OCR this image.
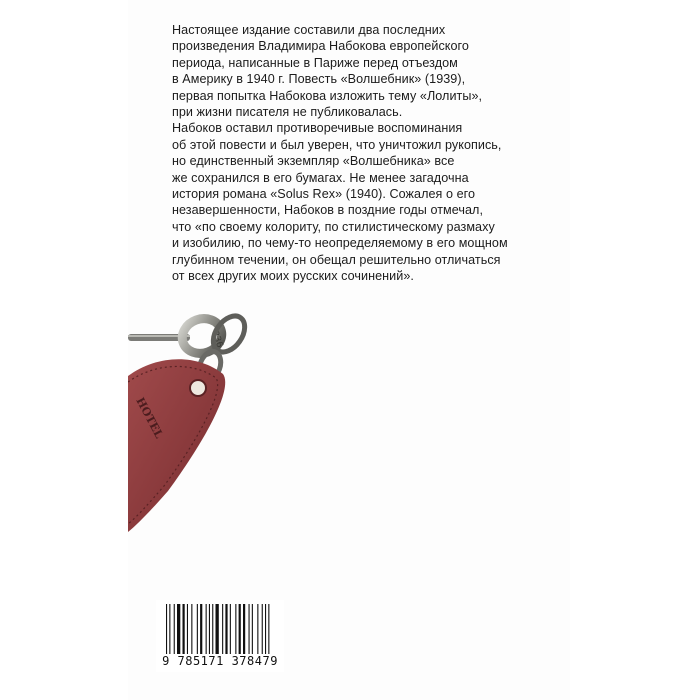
Настоящее издание составили два последних
произведения Владимира Набокова европейского
периода, написанные в Париже перед отъездом
в Америку в 1940 г. Повесть «Волшебник» (1939),
первая попытка Набокова изложить тему «Лолиты»,
при жизни писателя не публиковалась.
Набоков оставил противоречивые воспоминания
об этой повести и был уверен, что уничтожил рукопись,
но единственный экземпляр «Волшебника» все
же сохранился в его бумагах. Не менее загадочна
история романа «Solus Rex» (1940). Сожалея о его
незавершенности, Набоков в поздние годы отмечал,
что «по своему колориту, по стилистическому размаху
и изобилию, по чему-то неопределяемому в его мощном
глубинном течении, он обещал решительно отличаться
от всех других моих русских сочинений».
836
HOTEL
9 785171 378479
